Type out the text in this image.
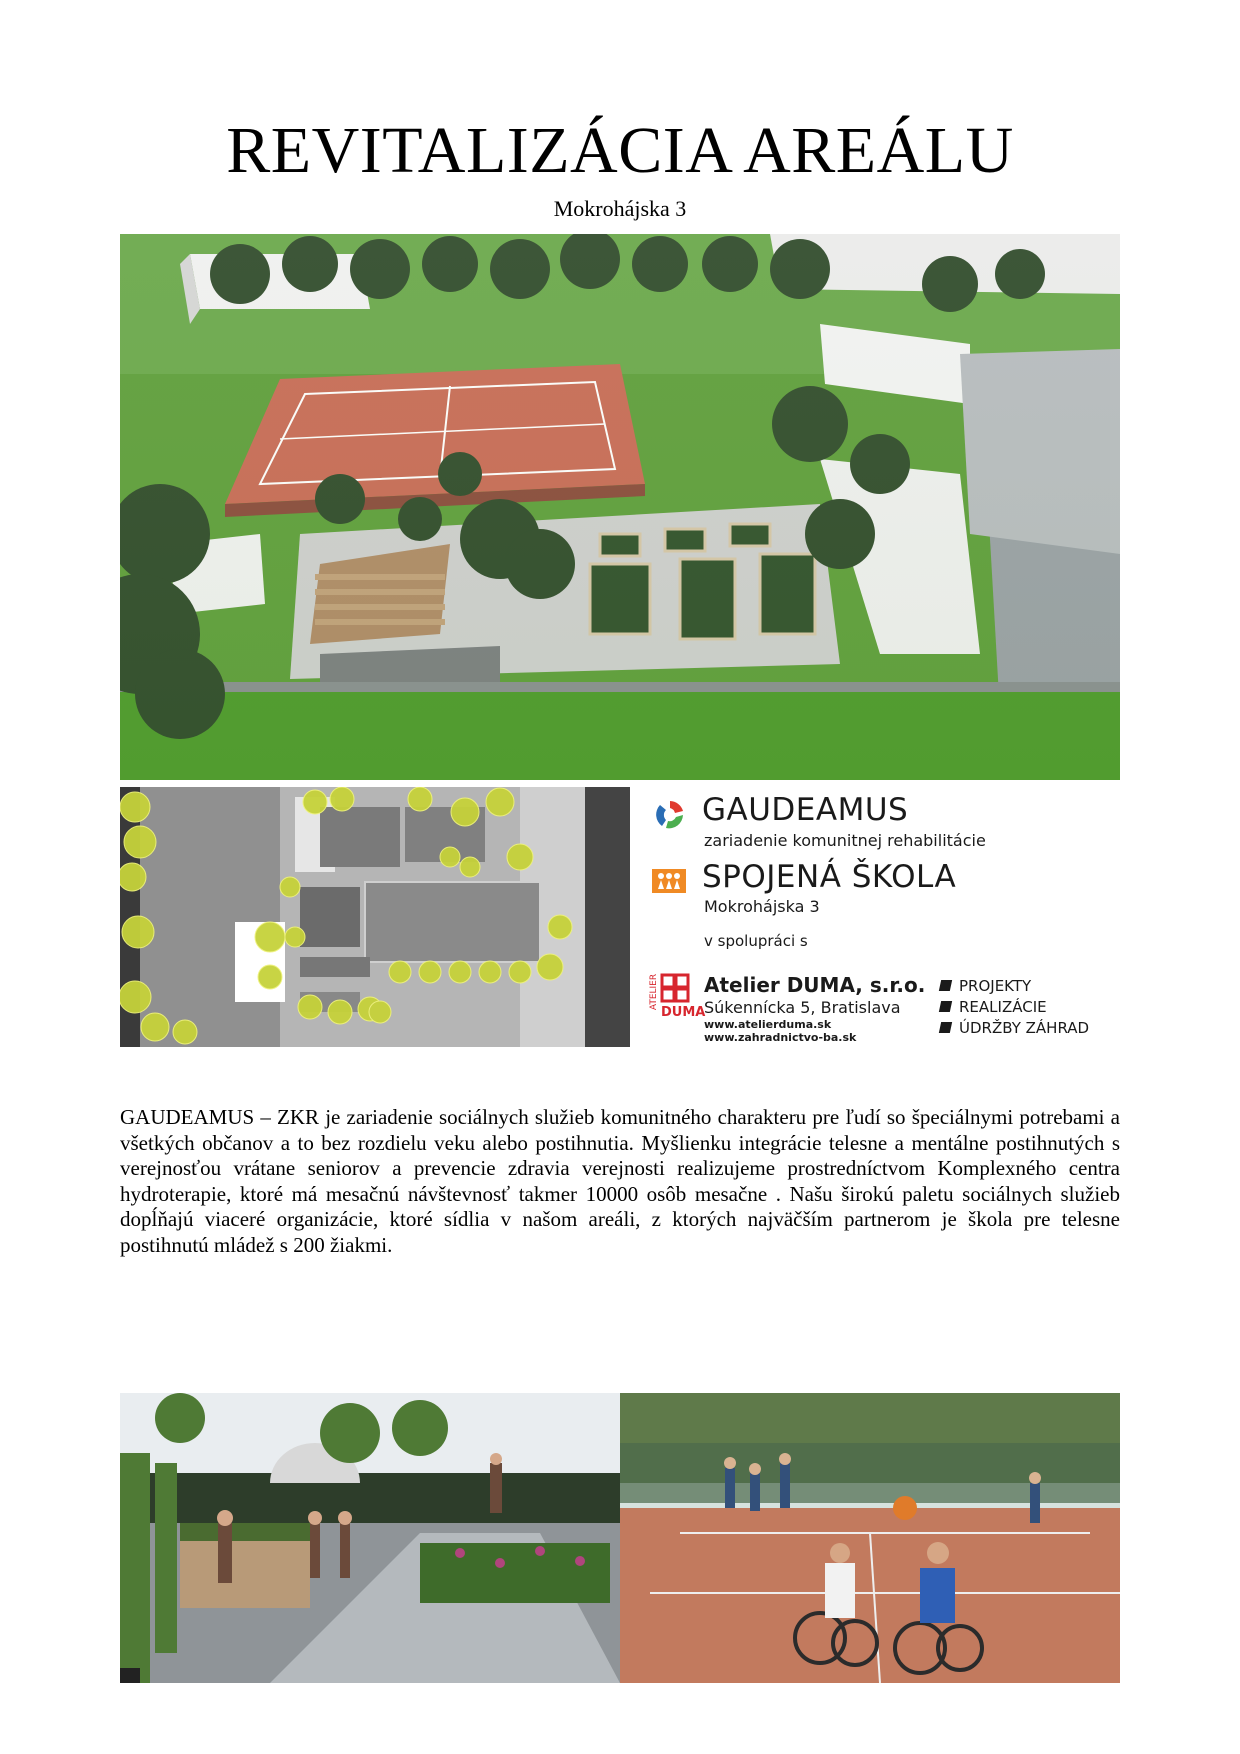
REVITALIZÁCIA AREÁLU
Mokrohájska 3
GAUDEAMUS
zariadenie komunitnej rehabilitácie
SPOJENÁ ŠKOLA
Mokrohájska 3
v spolupráci s
ATELIER
DUMA
Atelier DUMA, s.r.o.
Súkennícka 5, Bratislava
www.atelierduma.sk
www.zahradnictvo-ba.sk
PROJEKTY
REALIZÁCIE
ÚDRŽBY ZÁHRAD
GAUDEAMUS – ZKR je zariadenie sociálnych služieb komunitného charakteru pre ľudí so špeciálnymi potrebami a všetkých občanov a to bez rozdielu veku alebo postihnutia. Myšlienku integrácie telesne a mentálne postihnutých s verejnosťou vrátane seniorov a prevencie zdravia verejnosti realizujeme prostredníctvom Komplexného centra hydroterapie, ktoré má mesačnú návštevnosť takmer 10000 osôb mesačne . Našu širokú paletu sociálnych služieb dopĺňajú viaceré organizácie, ktoré sídlia v našom areáli, z ktorých najväčším partnerom je škola pre telesne postihnutú mládež s 200 žiakmi.
